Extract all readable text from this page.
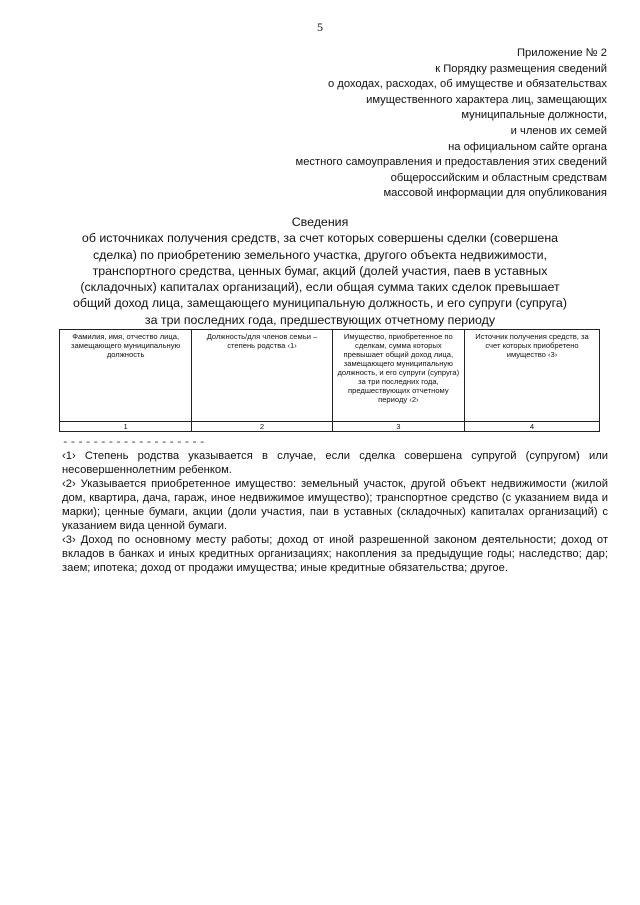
5
Приложение № 2
к Порядку размещения сведений
о доходах, расходах, об имуществе и обязательствах
имущественного характера лиц, замещающих
муниципальные должности,
и членов их семей
на официальном сайте органа
местного самоуправления и предоставления этих сведений
общероссийским и областным средствам
массовой информации для опубликования
Сведения
об источниках получения средств, за счет которых совершены сделки (совершена
сделка) по приобретению земельного участка, другого объекта недвижимости,
транспортного средства, ценных бумаг, акций (долей участия, паев в уставных
(складочных) капиталах организаций), если общая сумма таких сделок превышает
общий доход лица, замещающего муниципальную должность, и его супруги (супруга)
за три последних года, предшествующих отчетному периоду
Фамилия, имя, отчество лица, замещающего муниципальную должность	Должность/для членов семьи – степень родства ‹1›	Имущество, приобретенное по сделкам, сумма которых превышает общий доход лица, замещающего муниципальную должность, и его супруги (супруга) за три последних года, предшествующих отчетному периоду ‹2›	Источник получения средств, за счет которых приобретено имущество ‹3›
1	2	3	4
-------------------

‹1› Степень родства указывается в случае, если сделка совершена супругой (супругом) или несовершеннолетним ребенком.

‹2› Указывается приобретенное имущество: земельный участок, другой объект недвижимости (жилой дом, квартира, дача, гараж, иное недвижимое имущество); транспортное средство (с указанием вида и марки); ценные бумаги, акции (доли участия, паи в уставных (складочных) капиталах организаций) с указанием вида ценной бумаги.

‹3› Доход по основному месту работы; доход от иной разрешенной законом деятельности; доход от вкладов в банках и иных кредитных организациях; накопления за предыдущие годы; наследство; дар; заем; ипотека; доход от продажи имущества; иные кредитные обязательства; другое.
